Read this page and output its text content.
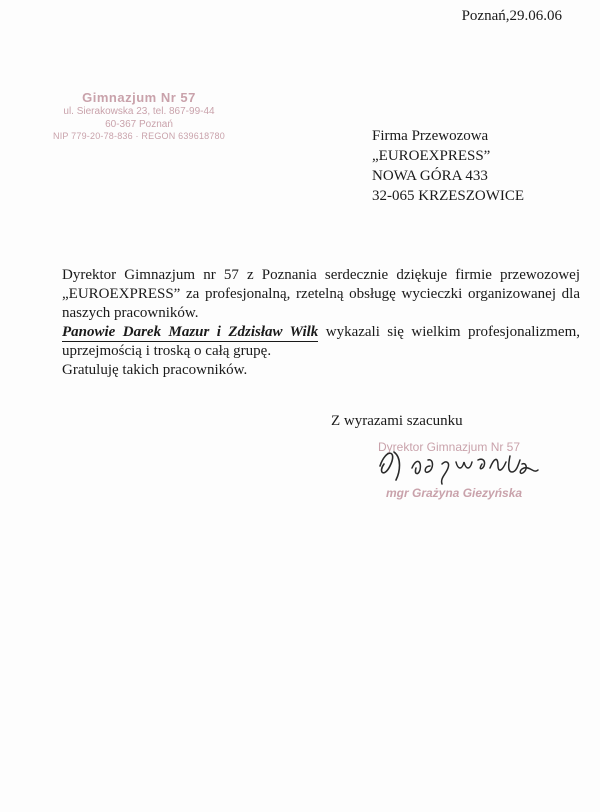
Poznań,29.06.06
Gimnazjum Nr 57
ul. Sierakowska 23, tel. 867-99-44
60-367 Poznań
NIP 779-20-78-836 · REGON 639618780	Firma Przewozowa
„EUROEXPRESS”
NOWA GÓRA 433
32-065 KRZESZOWICE

Dyrektor Gimnazjum nr 57 z Poznania serdecznie dziękuje firmie przewozowej „EUROEXPRESS” za profesjonalną, rzetelną obsługę wycieczki organizowanej dla naszych pracowników.

Panowie Darek Mazur i Zdzisław Wilk wykazali się wielkim profesjonalizmem, uprzejmością i troską o całą grupę.

Gratuluję takich pracowników.

Z wyrazami szacunku
Dyrektor Gimnazjum Nr 57
mgr Grażyna Giezyńska
